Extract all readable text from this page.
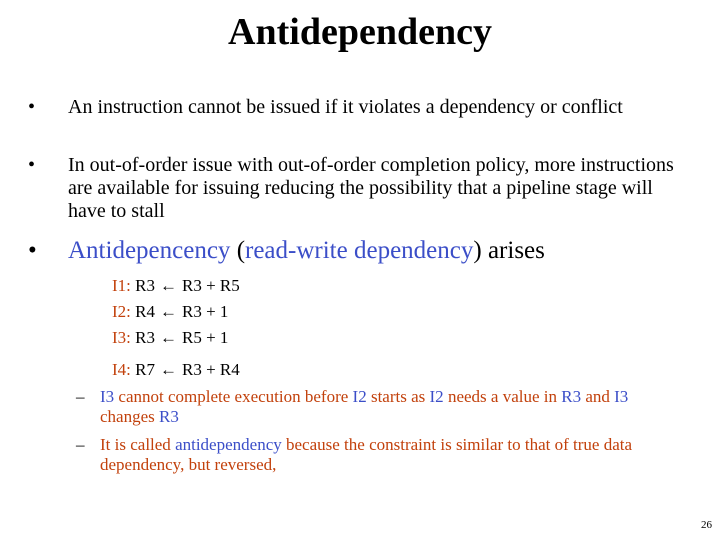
Antidependency
• An instruction cannot be issued if it violates a dependency or conflict
• In out-of-order issue with out-of-order completion policy, more instructions are available for issuing reducing the possibility that a pipeline stage will have to stall
• Antidepencency (read-write dependency) arises
I1: R3 ← R3 + R5
I2: R4 ← R3 + 1
I3: R3 ← R5 + 1
I4: R7 ← R3 + R4
– I3 cannot complete execution before I2 starts as I2 needs a value in R3 and I3 changes R3
– It is called antidependency because the constraint is similar to that of true data dependency, but reversed,
26
